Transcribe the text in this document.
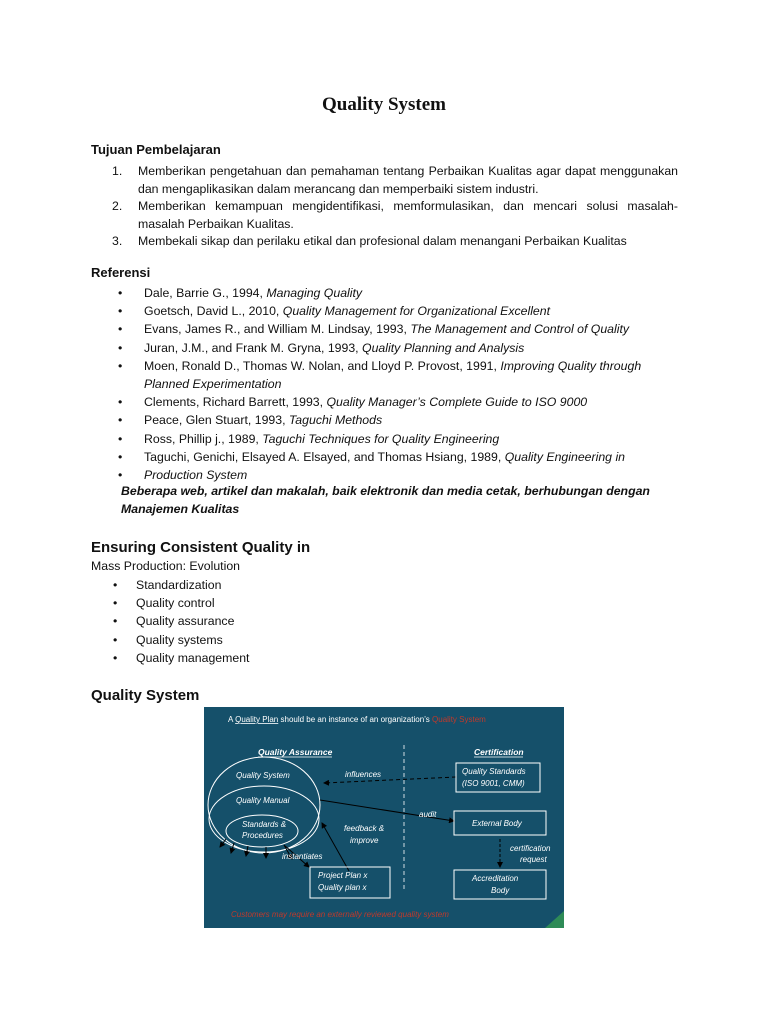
Quality System
Tujuan Pembelajaran
1. Memberikan pengetahuan dan pemahaman tentang Perbaikan Kualitas agar dapat menggunakan dan mengaplikasikan dalam merancang dan memperbaiki sistem industri.
2. Memberikan kemampuan mengidentifikasi, memformulasikan, dan mencari solusi masalah-masalah Perbaikan Kualitas.
3. Membekali sikap dan perilaku etikal dan profesional dalam menangani Perbaikan Kualitas
Referensi
• Dale, Barrie G., 1994, Managing Quality
• Goetsch, David L., 2010, Quality Management for Organizational Excellent
• Evans, James R., and William M. Lindsay, 1993, The Management and Control of Quality
• Juran, J.M., and Frank M. Gryna, 1993, Quality Planning and Analysis
• Moen, Ronald D., Thomas W. Nolan, and Lloyd P. Provost, 1991, Improving Quality through Planned Experimentation
• Clements, Richard Barrett, 1993, Quality Manager’s Complete Guide to ISO 9000
• Peace, Glen Stuart, 1993, Taguchi Methods
• Ross, Phillip j., 1989, Taguchi Techniques for Quality Engineering
• Taguchi, Genichi, Elsayed A. Elsayed, and Thomas Hsiang, 1989, Quality Engineering in
• Production System
Beberapa web, artikel dan makalah, baik elektronik dan media cetak, berhubungan dengan Manajemen Kualitas
Ensuring Consistent Quality in
Mass Production: Evolution
• Standardization
• Quality control
• Quality assurance
• Quality systems
• Quality management
Quality System
A Quality Plan should be an instance of an organization’s Quality System
Quality Assurance	Certification
Quality System
Quality Manual
Standards &
Procedures
influences
audit
feedback &
improve
instantiates
Quality Standards
(ISO 9001, CMM)
External Body
certification
request
Accreditation
Body
Project Plan x
Quality plan x
Customers may require an externally reviewed quality system
